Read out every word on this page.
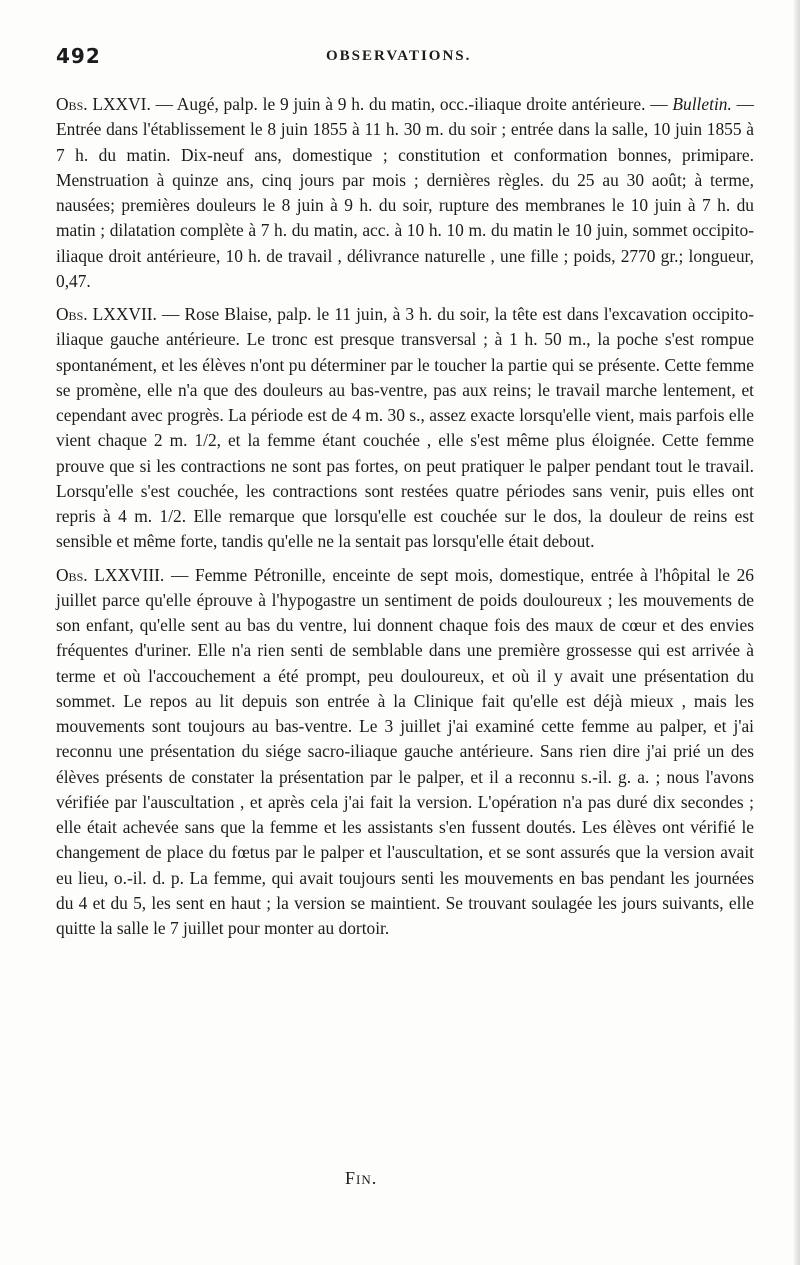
492	OBSERVATIONS.

Obs. LXXVI. — Augé, palp. le 9 juin à 9 h. du matin, occ.-iliaque droite antérieure. — Bulletin. — Entrée dans l'établissement le 8 juin 1855 à 11 h. 30 m. du soir ; entrée dans la salle, 10 juin 1855 à 7 h. du matin. Dix-neuf ans, domestique ; constitution et conformation bonnes, primipare. Menstruation à quinze ans, cinq jours par mois ; dernières règles. du 25 au 30 août; à terme, nausées; premières douleurs le 8 juin à 9 h. du soir, rupture des membranes le 10 juin à 7 h. du matin ; dilatation complète à 7 h. du matin, acc. à 10 h. 10 m. du matin le 10 juin, sommet occipito-iliaque droit antérieure, 10 h. de travail , délivrance naturelle , une fille ; poids, 2770 gr.; longueur, 0,47.

Obs. LXXVII. — Rose Blaise, palp. le 11 juin, à 3 h. du soir, la tête est dans l'excavation occipito-iliaque gauche antérieure. Le tronc est presque transversal ; à 1 h. 50 m., la poche s'est rompue spontanément, et les élèves n'ont pu déterminer par le toucher la partie qui se présente. Cette femme se promène, elle n'a que des douleurs au bas-ventre, pas aux reins; le travail marche lentement, et cependant avec progrès. La période est de 4 m. 30 s., assez exacte lorsqu'elle vient, mais parfois elle vient chaque 2 m. 1/2, et la femme étant couchée , elle s'est même plus éloignée. Cette femme prouve que si les contractions ne sont pas fortes, on peut pratiquer le palper pendant tout le travail. Lorsqu'elle s'est couchée, les contractions sont restées quatre périodes sans venir, puis elles ont repris à 4 m. 1/2. Elle remarque que lorsqu'elle est couchée sur le dos, la douleur de reins est sensible et même forte, tandis qu'elle ne la sentait pas lorsqu'elle était debout.

Obs. LXXVIII. — Femme Pétronille, enceinte de sept mois, domestique, entrée à l'hôpital le 26 juillet parce qu'elle éprouve à l'hypogastre un sentiment de poids douloureux ; les mouvements de son enfant, qu'elle sent au bas du ventre, lui donnent chaque fois des maux de cœur et des envies fréquentes d'uriner. Elle n'a rien senti de semblable dans une première grossesse qui est arrivée à terme et où l'accouchement a été prompt, peu douloureux, et où il y avait une présentation du sommet. Le repos au lit depuis son entrée à la Clinique fait qu'elle est déjà mieux , mais les mouvements sont toujours au bas-ventre. Le 3 juillet j'ai examiné cette femme au palper, et j'ai reconnu une présentation du siége sacro-iliaque gauche antérieure. Sans rien dire j'ai prié un des élèves présents de constater la présentation par le palper, et il a reconnu s.-il. g. a. ; nous l'avons vérifiée par l'auscultation , et après cela j'ai fait la version. L'opération n'a pas duré dix secondes ; elle était achevée sans que la femme et les assistants s'en fussent doutés. Les élèves ont vérifié le changement de place du fœtus par le palper et l'auscultation, et se sont assurés que la version avait eu lieu, o.-il. d. p. La femme, qui avait toujours senti les mouvements en bas pendant les journées du 4 et du 5, les sent en haut ; la version se maintient. Se trouvant soulagée les jours suivants, elle quitte la salle le 7 juillet pour monter au dortoir.

Fin.
